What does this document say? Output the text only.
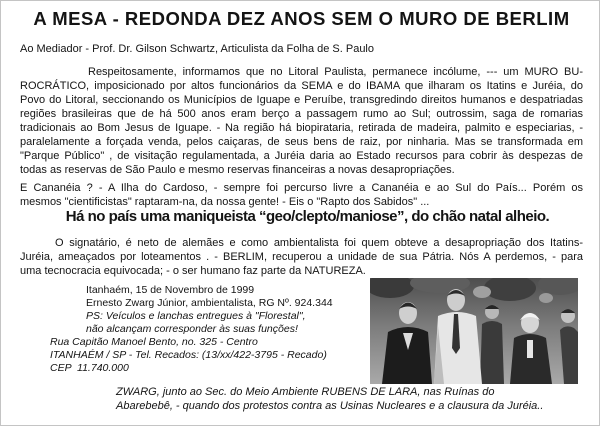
A MESA - REDONDA DEZ ANOS SEM O MURO DE BERLIM
Ao Mediador - Prof. Dr. Gilson Schwartz, Articulista da Folha de S. Paulo
Respeitosamente, informamos que no Litoral Paulista, permanece incólume, --- um MURO BU-
ROCRÁTICO, imposicionado por altos funcionários da SEMA e do IBAMA que ilharam os Itatins e Juréia, do
Povo do Litoral, seccionando os Municípios de Iguape e Peruíbe, transgredindo direitos humanos e despatriadas
regiões brasileiras que de há 500 anos eram berço a passagem rumo ao Sul; outrossim, saga de romarias
tradicionais ao Bom Jesus de Iguape. - Na região há biopirataria, retirada de madeira, palmito e especiarias, -
paralelamente a forçada venda, pelos caiçaras, de seus bens de raiz, por ninharia. Mas se transformada em
"Parque Público" , de visitação regulamentada, a Juréia daria ao Estado recursos para cobrir às despezas de
todas as reservas de São Paulo e mesmo reservas financeiras a novas desapropriações.
E Cananéia ? - A Ilha do Cardoso, - sempre foi percurso livre a Cananéia e ao Sul do País... Porém os
mesmos "cientificistas" raptaram-na, da nossa gente! - Eis o "Rapto dos Sabidos" ...
Há no país uma maniqueista “geo/clepto/maniose”, do chão natal alheio.
O signatário, é neto de alemães e como ambientalista foi quem obteve a desapropriação dos Itatins-
Juréia, ameaçados por loteamentos . - BERLIM, recuperou a unidade de sua Pátria. Nós A perdemos, - para
uma tecnocracia equivocada; - o ser humano faz parte da NATUREZA.
Itanhaém, 15 de Novembro de 1999
Ernesto Zwarg Júnior, ambientalista, RG Nº. 924.344
PS: Veículos e lanchas entregues à "Florestal",
não alcançam corresponder às suas funções!
Rua Capitão Manoel Bento, no. 325 - Centro
ITANHAÉM / SP - Tel. Recados: (13/xx/422-3795 - Recado)
CEP  11.740.000
ZWARG, junto ao Sec. do Meio Ambiente RUBENS DE LARA, nas Ruínas do
Abarebebê, - quando dos protestos contra as Usinas Nucleares e a clausura da Juréia..
